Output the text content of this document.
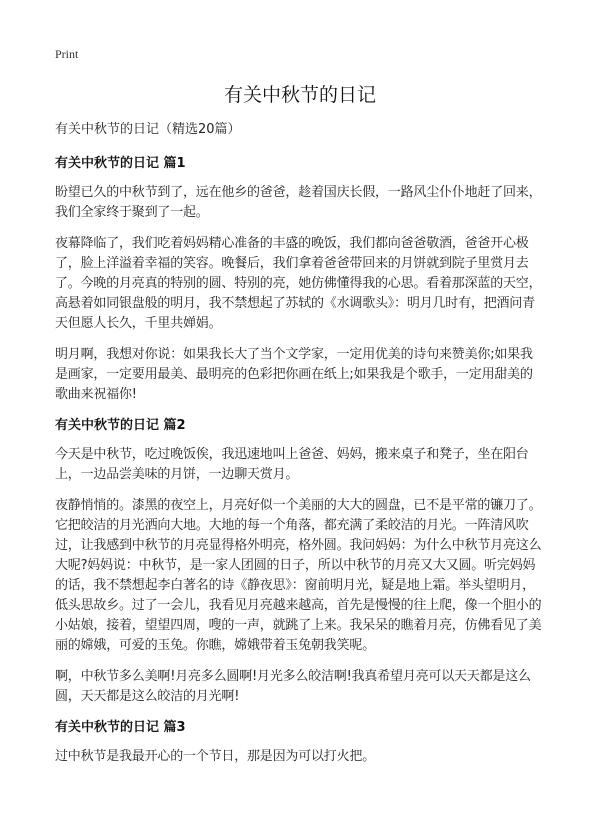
Print
有关中秋节的日记
有关中秋节的日记（精选20篇）
有关中秋节的日记 篇1

盼望已久的中秋节到了，远在他乡的爸爸，趁着国庆长假，一路风尘仆仆地赶了回来，我们全家终于聚到了一起。

夜幕降临了，我们吃着妈妈精心准备的丰盛的晚饭，我们都向爸爸敬酒，爸爸开心极了，脸上洋溢着幸福的笑容。晚餐后，我们拿着爸爸带回来的月饼就到院子里赏月去了。今晚的月亮真的特别的圆、特别的亮，她仿佛懂得我的心思。看着那深蓝的天空，高悬着如同银盘般的明月，我不禁想起了苏轼的《水调歌头》：明月几时有，把酒问青天但愿人长久，千里共婵娟。

明月啊，我想对你说：如果我长大了当个文学家，一定用优美的诗句来赞美你;如果我是画家，一定要用最美、最明亮的色彩把你画在纸上;如果我是个歌手，一定用甜美的歌曲来祝福你!

有关中秋节的日记 篇2

今天是中秋节，吃过晚饭俟，我迅速地叫上爸爸、妈妈，搬来桌子和凳子，坐在阳台上，一边品尝美味的月饼，一边聊天赏月。

夜静悄悄的。漆黑的夜空上，月亮好似一个美丽的大大的圆盘，已不是平常的镰刀了。它把皎洁的月光洒向大地。大地的每一个角落，都充满了柔皎洁的月光。一阵清风吹过，让我感到中秋节的月亮显得格外明亮，格外圆。我问妈妈：为什么中秋节月亮这么大呢?妈妈说：中秋节，是一家人团圆的日子，所以中秋节的月亮又大又圆。听完妈妈的话，我不禁想起李白著名的诗《静夜思》：窗前明月光，疑是地上霜。举头望明月，低头思故乡。过了一会儿，我看见月亮越来越高，首先是慢慢的往上爬，像一个胆小的小姑娘，接着，望望四周，嗖的一声，就跳了上来。我呆呆的瞧着月亮，仿佛看见了美丽的嫦娥，可爱的玉兔。你瞧，嫦娥带着玉兔朝我笑呢。

啊，中秋节多么美啊!月亮多么圆啊!月光多么皎洁啊!我真希望月亮可以天天都是这么圆，天天都是这么皎洁的月光啊!

有关中秋节的日记 篇3

过中秋节是我最开心的一个节日，那是因为可以打火把。
